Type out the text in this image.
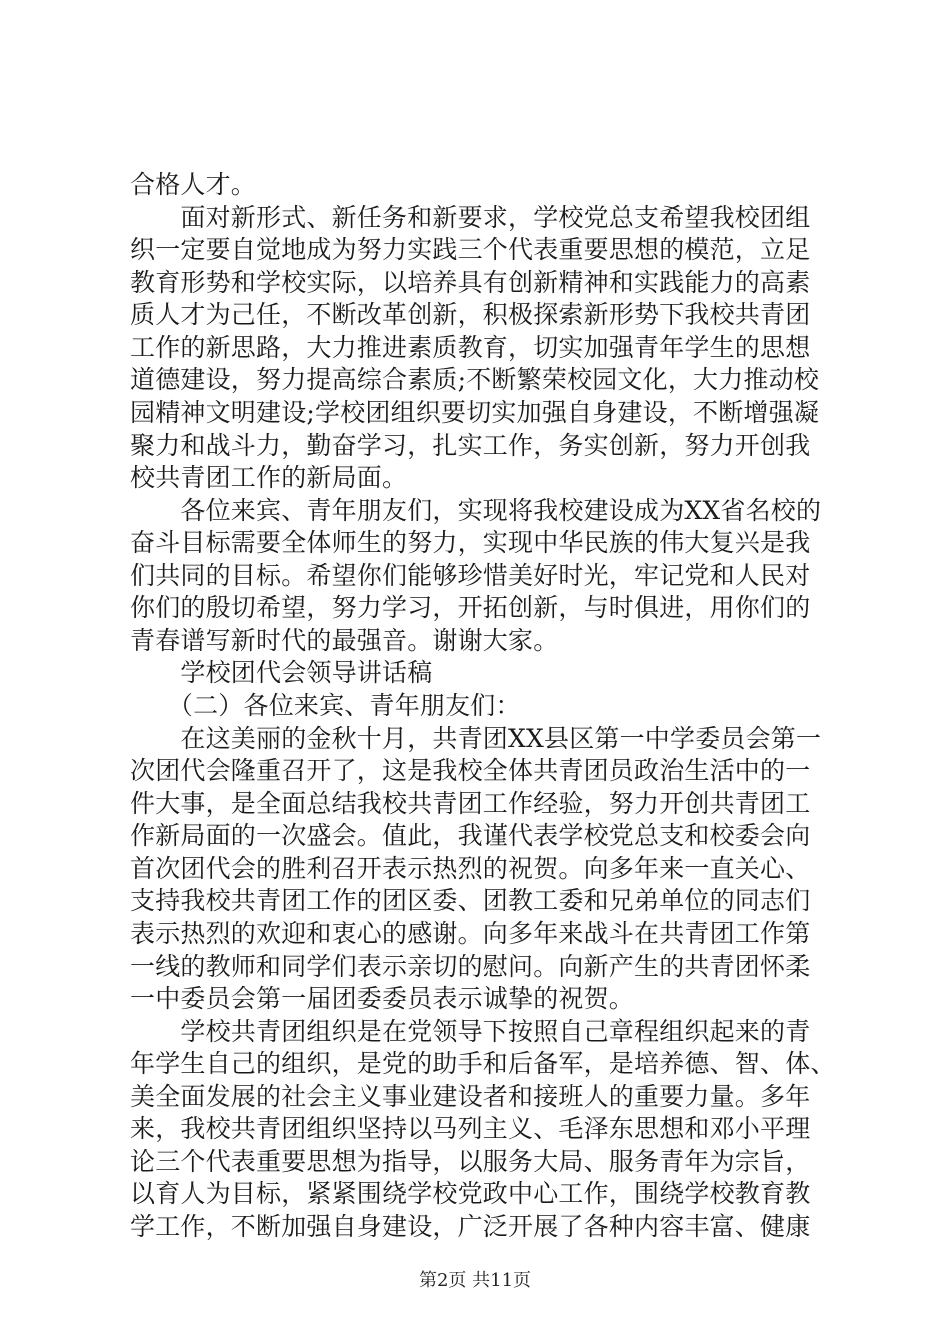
合格人才。
　　面对新形式、新任务和新要求，学校党总支希望我校团组
织一定要自觉地成为努力实践三个代表重要思想的模范，立足
教育形势和学校实际，以培养具有创新精神和实践能力的高素
质人才为己任，不断改革创新，积极探索新形势下我校共青团
工作的新思路，大力推进素质教育，切实加强青年学生的思想
道德建设，努力提高综合素质;不断繁荣校园文化，大力推动校
园精神文明建设;学校团组织要切实加强自身建设，不断增强凝
聚力和战斗力，勤奋学习，扎实工作，务实创新，努力开创我
校共青团工作的新局面。
　　各位来宾、青年朋友们，实现将我校建设成为XX省名校的
奋斗目标需要全体师生的努力，实现中华民族的伟大复兴是我
们共同的目标。希望你们能够珍惜美好时光，牢记党和人民对
你们的殷切希望，努力学习，开拓创新，与时俱进，用你们的
青春谱写新时代的最强音。谢谢大家。
　　学校团代会领导讲话稿
　　（二）各位来宾、青年朋友们：
　　在这美丽的金秋十月，共青团XX县区第一中学委员会第一
次团代会隆重召开了，这是我校全体共青团员政治生活中的一
件大事，是全面总结我校共青团工作经验，努力开创共青团工
作新局面的一次盛会。值此，我谨代表学校党总支和校委会向
首次团代会的胜利召开表示热烈的祝贺。向多年来一直关心、
支持我校共青团工作的团区委、团教工委和兄弟单位的同志们
表示热烈的欢迎和衷心的感谢。向多年来战斗在共青团工作第
一线的教师和同学们表示亲切的慰问。向新产生的共青团怀柔
一中委员会第一届团委委员表示诚挚的祝贺。
　　学校共青团组织是在党领导下按照自己章程组织起来的青
年学生自己的组织，是党的助手和后备军，是培养德、智、体、
美全面发展的社会主义事业建设者和接班人的重要力量。多年
来，我校共青团组织坚持以马列主义、毛泽东思想和邓小平理
论三个代表重要思想为指导，以服务大局、服务青年为宗旨，
以育人为目标，紧紧围绕学校党政中心工作，围绕学校教育教
学工作，不断加强自身建设，广泛开展了各种内容丰富、健康
第2页 共11页
